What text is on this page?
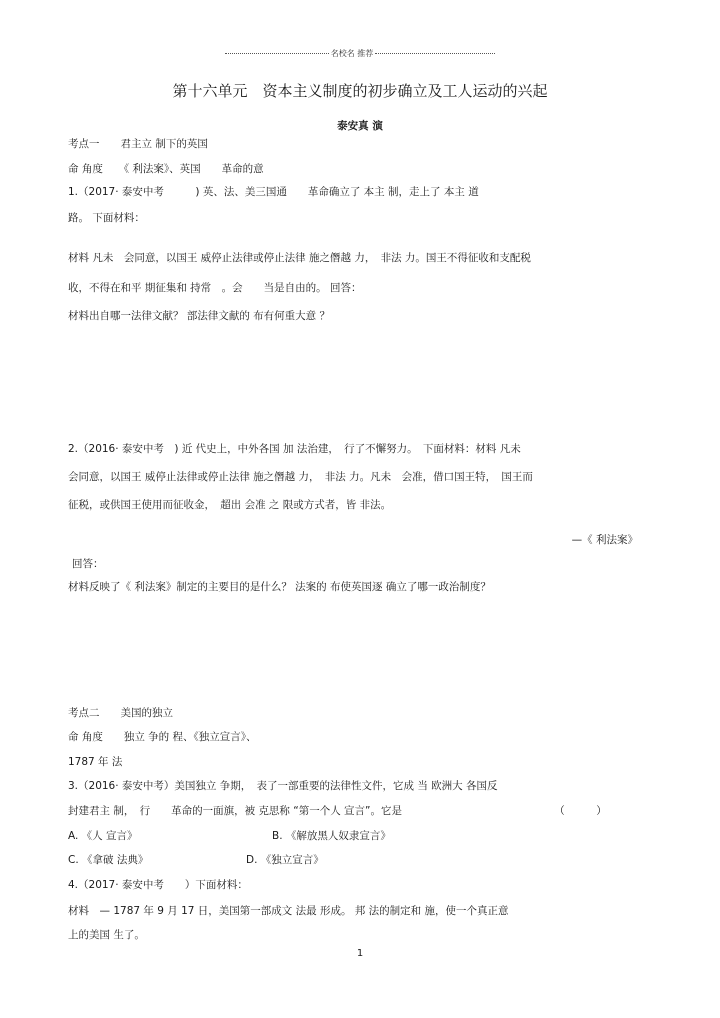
名校名 推荐
第十六单元　资本主义制度的初步确立及工人运动的兴起
泰安真 演
考点一　　君主立 制下的英国
命 角度　　《 利法案》、英国　　革命的意
1.（2017· 泰安中考　　　) 英、法、美三国通　　革命确立了 本主 制，走上了 本主 道
路。 下面材料：
材料 凡未　会同意，以国王 威停止法律或停止法律 施之僭越 力，　非法 力。国王不得征收和支配税
收，不得在和平 期征集和 持常　。会　　当是自由的。 回答：
材料出自哪一法律文献？ 部法律文献的 布有何重大意 ？
2.（2016· 泰安中考　) 近 代史上，中外各国 加 法治建，　行了不懈努力。　下面材料：材料 凡未
会同意，以国王 威停止法律或停止法律 施之僭越 力，　非法 力。凡未　会准，借口国王特，　国王而
征税，或供国王使用而征收金，　超出 会准 之 限或方式者，皆 非法。
—《 利法案》
回答：
材料反映了《 利法案》制定的主要目的是什么？ 法案的 布使英国逐 确立了哪一政治制度？
考点二　　美国的独立
命 角度　　独立 争的 程、《独立宣言》、
1787 年 法
3.（2016· 泰安中考）美国独立 争期，　表了一部重要的法律性文件，它成 当 欧洲大 各国反
封建君主 制，　行　　革命的一面旗，被 克思称 “第一个人 宣言”。它是　　　　　　　　　　　　　　　（　　　）
A. 《人 宣言》	B. 《解放黑人奴隶宣言》
C. 《拿破 法典》	D. 《独立宣言》
4.（2017· 泰安中考　　）下面材料：
材料　— 1787 年 9 月 17 日，美国第一部成文 法最 形成。 邦 法的制定和 施，使一个真正意
上的美国 生了。
1
